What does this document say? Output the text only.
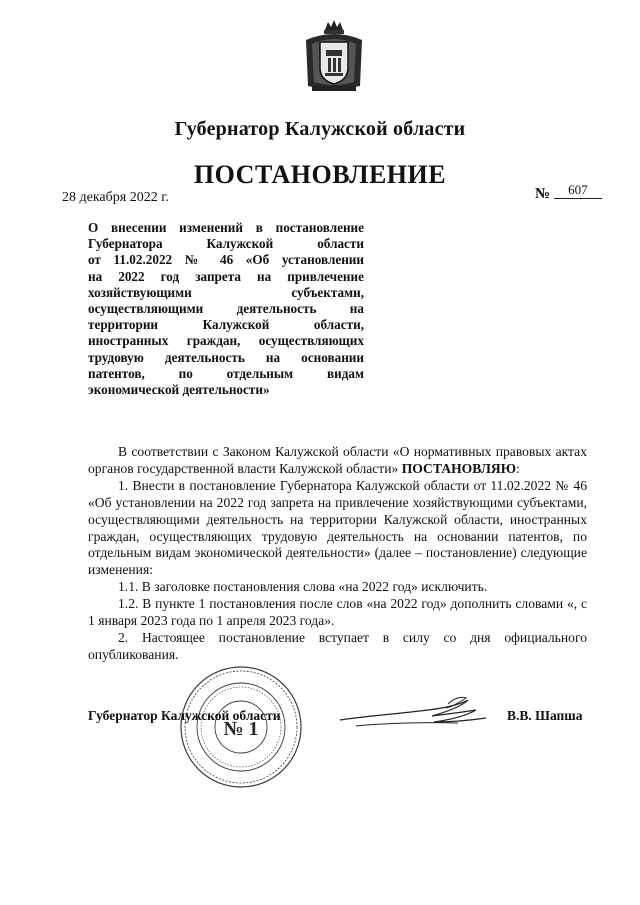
Губернатор Калужской области
ПОСТАНОВЛЕНИЕ
28 декабря 2022 г.	№ 607
О внесении изменений в постановление
Губернатора Калужской области
от 11.02.2022 № 46 «Об установлении
на 2022 год запрета на привлечение
хозяйствующими субъектами,
осуществляющими деятельность на
территории Калужской области,
иностранных граждан, осуществляющих
трудовую деятельность на основании
патентов, по отдельным видам
экономической деятельности»

В соответствии с Законом Калужской области «О нормативных правовых актах органов государственной власти Калужской области» ПОСТАНОВЛЯЮ:

1. Внести в постановление Губернатора Калужской области от 11.02.2022 № 46 «Об установлении на 2022 год запрета на привлечение хозяйствующими субъектами, осуществляющими деятельность на территории Калужской области, иностранных граждан, осуществляющих трудовую деятельность на основании патентов, по отдельным видам экономической деятельности» (далее – постановление) следующие изменения:

1.1. В заголовке постановления слова «на 2022 год» исключить.

1.2. В пункте 1 постановления после слов «на 2022 год» дополнить словами «, с 1 января 2023 года по 1 апреля 2023 года».

2. Настоящее постановление вступает в силу со дня официального опубликования.

№ 1
Губернатор Калужской области	В.В. Шапша
